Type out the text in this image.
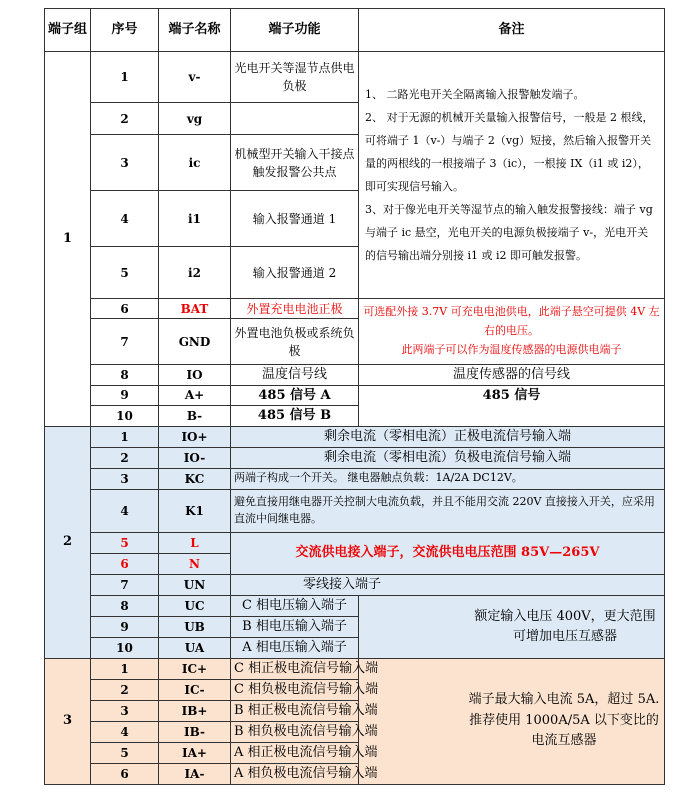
端子组	序号	端子名称	端子功能	备注
1	1	v-	光电开关等湿节点供电负极	1、 二路光电开关全隔离输入报警触发端子。
2、 对于无源的机械开关量输入报警信号，一般是 2 根线，可将端子 1（v-）与端子 2（vg）短接，然后输入报警开关量的两根线的一根接端子 3（ic），一根接 IX（i1 或 i2），即可实现信号输入。
3、对于像光电开关等湿节点的输入触发报警接线：端子 vg 与端子 ic 悬空，光电开关的电源负极接端子 v-，光电开关的信号输出端分别接 i1 或 i2 即可触发报警。

	2	vg		
	3	ic	机械型开关输入干接点触发报警公共点	
	4	i1	输入报警通道 1	
	5	i2	输入报警通道 2	
	6	BAT	外置充电电池正极	可选配外接 3.7V 可充电电池供电，此端子悬空可提供 4V 左右的电压。
此两端子可以作为温度传感器的电源供电端子

	7	GND	外置电池负极或系统负极	
	8	IO	温度信号线	温度传感器的信号线
	9	A+	485 信号 A	485 信号
	10	B-	485 信号 B	
2	1	IO+	剩余电流（零相电流）正极电流信号输入端	
	2	IO-	剩余电流（零相电流）负极电流信号输入端	
	3	KC	两端子构成一个开关。 继电器触点负载：1A/2A DC12V。	
	4	K1	避免直接用继电器开关控制大电流负载，并且不能用交流 220V 直接接入开关，应采用直流中间继电器。	
	5	L	交流供电接入端子，交流供电电压范围 85V—265V	
	6	N		
	7	UN	零线接入端子	
	8	UC	C 相电压输入端子	额定输入电压 400V，更大范围可增加电压互感器
	9	UB	B 相电压输入端子	
	10	UA	A 相电压输入端子	
3	1	IC+	C 相正极电流信号输入端	端子最大输入电流 5A，超过 5A.推荐使用 1000A/5A 以下变比的电流互感器
	2	IC-	C 相负极电流信号输入端	
	3	IB+	B 相正极电流信号输入端	
	4	IB-	B 相负极电流信号输入端	
	5	IA+	A 相正极电流信号输入端	
	6	IA-	A 相负极电流信号输入端	
